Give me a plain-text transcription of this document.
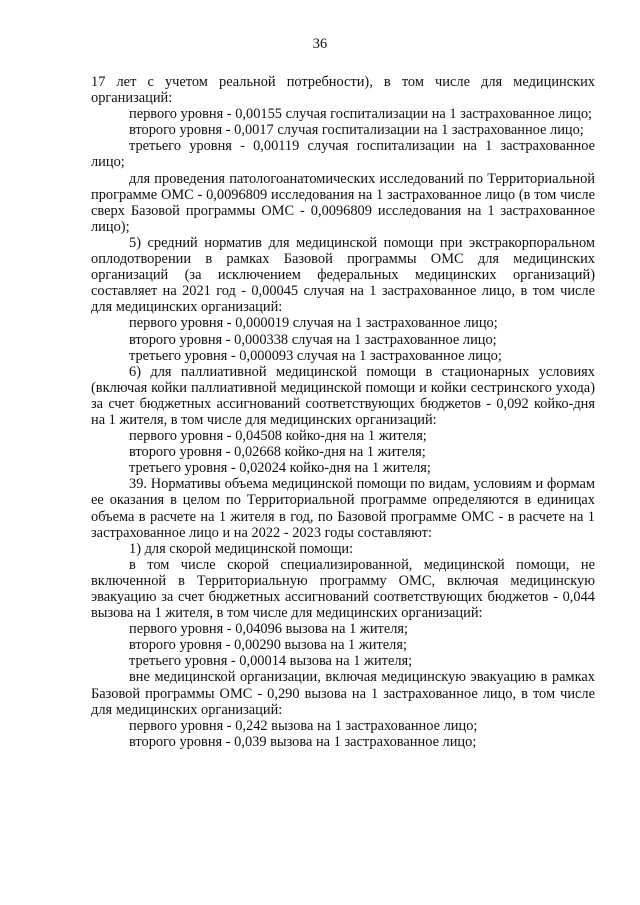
36

17 лет с учетом реальной потребности), в том числе для медицинских организаций:

первого уровня - 0,00155 случая госпитализации на 1 застрахованное лицо;

второго уровня - 0,0017 случая госпитализации на 1 застрахованное лицо;

третьего уровня - 0,00119 случая госпитализации на 1 застрахованное лицо;

для проведения патологоанатомических исследований по Территориальной программе ОМС - 0,0096809 исследования на 1 застрахованное лицо (в том числе сверх Базовой программы ОМС - 0,0096809 исследования на 1 застрахованное лицо);

5) средний норматив для медицинской помощи при экстракорпоральном оплодотворении в рамках Базовой программы ОМС для медицинских организаций (за исключением федеральных медицинских организаций) составляет на 2021 год - 0,00045 случая на 1 застрахованное лицо, в том числе для медицинских организаций:

первого уровня - 0,000019 случая на 1 застрахованное лицо;

второго уровня - 0,000338 случая на 1 застрахованное лицо;

третьего уровня - 0,000093 случая на 1 застрахованное лицо;

6) для паллиативной медицинской помощи в стационарных условиях (включая койки паллиативной медицинской помощи и койки сестринского ухода) за счет бюджетных ассигнований соответствующих бюджетов - 0,092 койко-дня на 1 жителя, в том числе для медицинских организаций:

первого уровня - 0,04508 койко-дня на 1 жителя;

второго уровня - 0,02668 койко-дня на 1 жителя;

третьего уровня - 0,02024 койко-дня на 1 жителя;

39. Нормативы объема медицинской помощи по видам, условиям и формам ее оказания в целом по Территориальной программе определяются в единицах объема в расчете на 1 жителя в год, по Базовой программе ОМС - в расчете на 1 застрахованное лицо и на 2022 - 2023 годы составляют:

1) для скорой медицинской помощи:

в том числе скорой специализированной, медицинской помощи, не включенной в Территориальную программу ОМС, включая медицинскую эвакуацию за счет бюджетных ассигнований соответствующих бюджетов - 0,044 вызова на 1 жителя, в том числе для медицинских организаций:

первого уровня - 0,04096 вызова на 1 жителя;

второго уровня - 0,00290 вызова на 1 жителя;

третьего уровня - 0,00014 вызова на 1 жителя;

вне медицинской организации, включая медицинскую эвакуацию в рамках Базовой программы ОМС - 0,290 вызова на 1 застрахованное лицо, в том числе для медицинских организаций:

первого уровня - 0,242 вызова на 1 застрахованное лицо;

второго уровня - 0,039 вызова на 1 застрахованное лицо;
